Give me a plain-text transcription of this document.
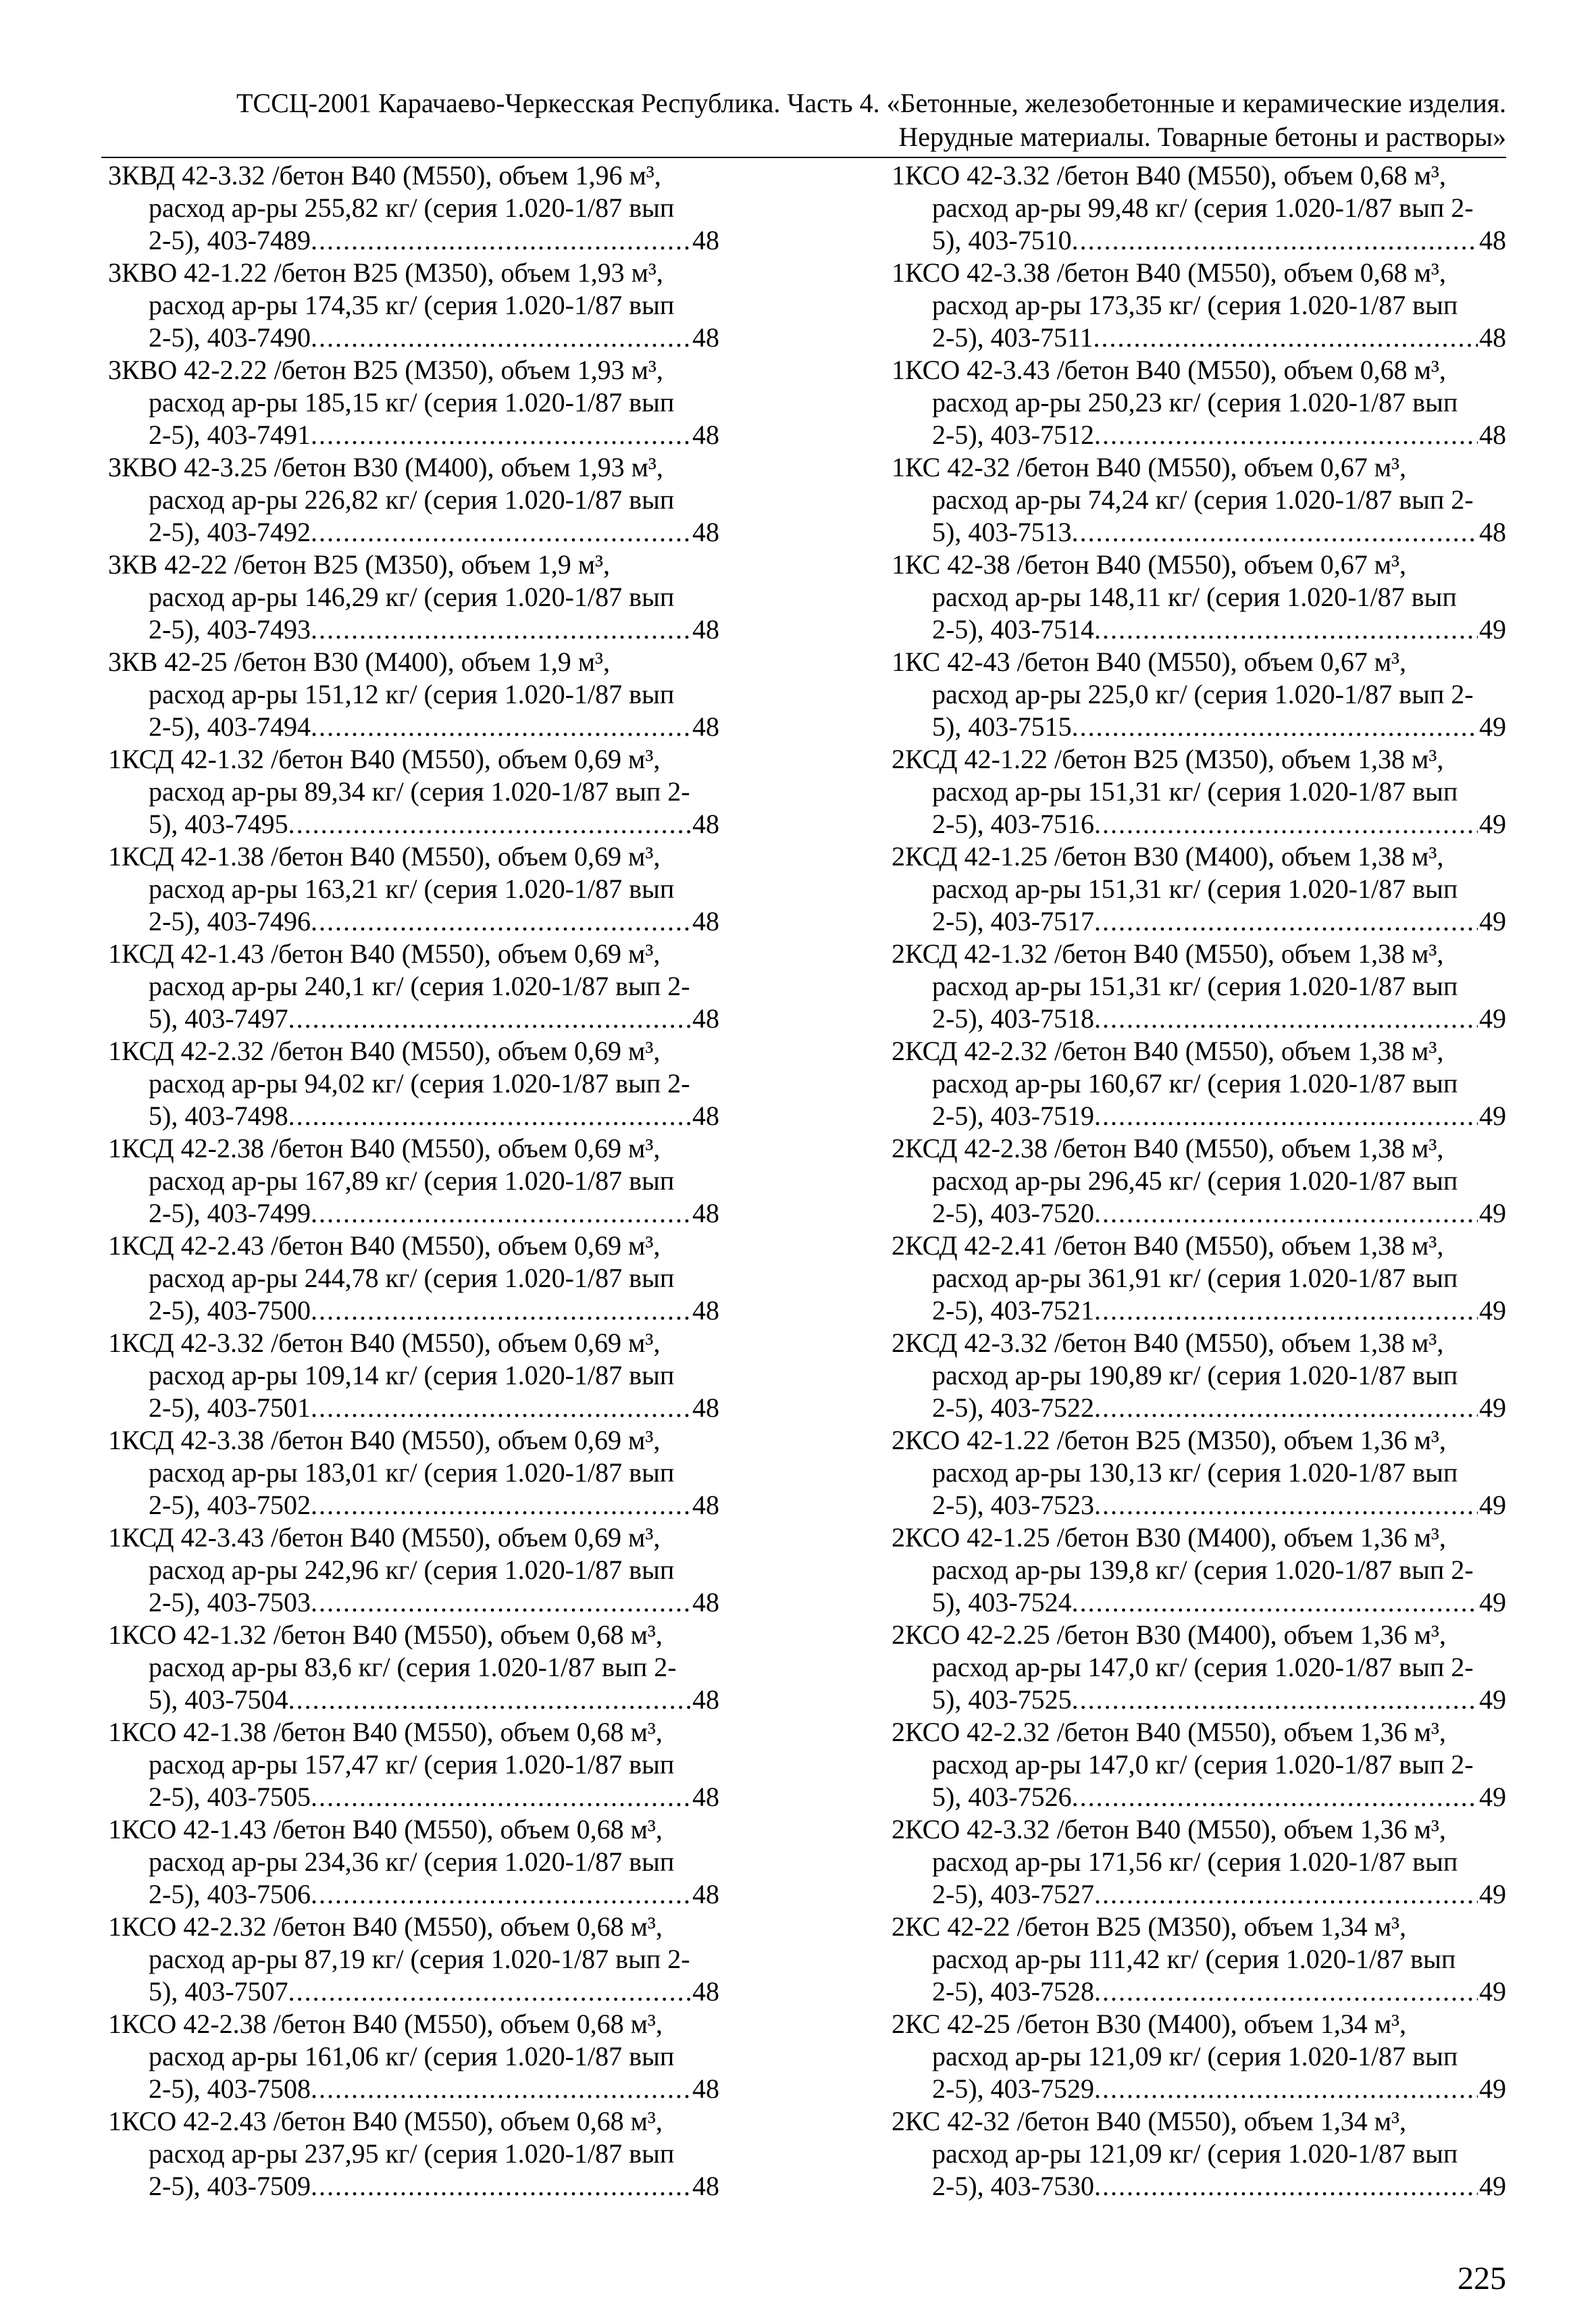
ТССЦ-2001 Карачаево-Черкесская Республика. Часть 4. «Бетонные, железобетонные и керамические изделия.
Нерудные материалы. Товарные бетоны и растворы»
3КВД 42-3.32 /бетон В40 (М550), объем 1,96 м³,
расход ар-ры 255,82 кг/ (серия 1.020-1/87 вып
2-5), 403-7489 .....	48
3КВО 42-1.22 /бетон В25 (М350), объем 1,93 м³,
расход ар-ры 174,35 кг/ (серия 1.020-1/87 вып
2-5), 403-7490 .....	48
3КВО 42-2.22 /бетон В25 (М350), объем 1,93 м³,
расход ар-ры 185,15 кг/ (серия 1.020-1/87 вып
2-5), 403-7491 .....	48
3КВО 42-3.25 /бетон В30 (М400), объем 1,93 м³,
расход ар-ры 226,82 кг/ (серия 1.020-1/87 вып
2-5), 403-7492 .....	48
3КВ 42-22 /бетон В25 (М350), объем 1,9 м³,
расход ар-ры 146,29 кг/ (серия 1.020-1/87 вып
2-5), 403-7493 .....	48
3КВ 42-25 /бетон В30 (М400), объем 1,9 м³,
расход ар-ры 151,12 кг/ (серия 1.020-1/87 вып
2-5), 403-7494 .....	48
1КСД 42-1.32 /бетон В40 (М550), объем 0,69 м³,
расход ар-ры 89,34 кг/ (серия 1.020-1/87 вып 2-
5), 403-7495 .....	48
1КСД 42-1.38 /бетон В40 (М550), объем 0,69 м³,
расход ар-ры 163,21 кг/ (серия 1.020-1/87 вып
2-5), 403-7496 .....	48
1КСД 42-1.43 /бетон В40 (М550), объем 0,69 м³,
расход ар-ры 240,1 кг/ (серия 1.020-1/87 вып 2-
5), 403-7497 .....	48
1КСД 42-2.32 /бетон В40 (М550), объем 0,69 м³,
расход ар-ры 94,02 кг/ (серия 1.020-1/87 вып 2-
5), 403-7498 .....	48
1КСД 42-2.38 /бетон В40 (М550), объем 0,69 м³,
расход ар-ры 167,89 кг/ (серия 1.020-1/87 вып
2-5), 403-7499 .....	48
1КСД 42-2.43 /бетон В40 (М550), объем 0,69 м³,
расход ар-ры 244,78 кг/ (серия 1.020-1/87 вып
2-5), 403-7500 .....	48
1КСД 42-3.32 /бетон В40 (М550), объем 0,69 м³,
расход ар-ры 109,14 кг/ (серия 1.020-1/87 вып
2-5), 403-7501 .....	48
1КСД 42-3.38 /бетон В40 (М550), объем 0,69 м³,
расход ар-ры 183,01 кг/ (серия 1.020-1/87 вып
2-5), 403-7502 .....	48
1КСД 42-3.43 /бетон В40 (М550), объем 0,69 м³,
расход ар-ры 242,96 кг/ (серия 1.020-1/87 вып
2-5), 403-7503 .....	48
1КСО 42-1.32 /бетон В40 (М550), объем 0,68 м³,
расход ар-ры 83,6 кг/ (серия 1.020-1/87 вып 2-
5), 403-7504 .....	48
1КСО 42-1.38 /бетон В40 (М550), объем 0,68 м³,
расход ар-ры 157,47 кг/ (серия 1.020-1/87 вып
2-5), 403-7505 .....	48
1КСО 42-1.43 /бетон В40 (М550), объем 0,68 м³,
расход ар-ры 234,36 кг/ (серия 1.020-1/87 вып
2-5), 403-7506 .....	48
1КСО 42-2.32 /бетон В40 (М550), объем 0,68 м³,
расход ар-ры 87,19 кг/ (серия 1.020-1/87 вып 2-
5), 403-7507 .....	48
1КСО 42-2.38 /бетон В40 (М550), объем 0,68 м³,
расход ар-ры 161,06 кг/ (серия 1.020-1/87 вып
2-5), 403-7508 .....	48
1КСО 42-2.43 /бетон В40 (М550), объем 0,68 м³,
расход ар-ры 237,95 кг/ (серия 1.020-1/87 вып
2-5), 403-7509 .....	48
1КСО 42-3.32 /бетон В40 (М550), объем 0,68 м³,
расход ар-ры 99,48 кг/ (серия 1.020-1/87 вып 2-
5), 403-7510 .....	48
1КСО 42-3.38 /бетон В40 (М550), объем 0,68 м³,
расход ар-ры 173,35 кг/ (серия 1.020-1/87 вып
2-5), 403-7511 .....	48
1КСО 42-3.43 /бетон В40 (М550), объем 0,68 м³,
расход ар-ры 250,23 кг/ (серия 1.020-1/87 вып
2-5), 403-7512 .....	48
1КС 42-32 /бетон В40 (М550), объем 0,67 м³,
расход ар-ры 74,24 кг/ (серия 1.020-1/87 вып 2-
5), 403-7513 .....	48
1КС 42-38 /бетон В40 (М550), объем 0,67 м³,
расход ар-ры 148,11 кг/ (серия 1.020-1/87 вып
2-5), 403-7514 .....	49
1КС 42-43 /бетон В40 (М550), объем 0,67 м³,
расход ар-ры 225,0 кг/ (серия 1.020-1/87 вып 2-
5), 403-7515 .....	49
2КСД 42-1.22 /бетон В25 (М350), объем 1,38 м³,
расход ар-ры 151,31 кг/ (серия 1.020-1/87 вып
2-5), 403-7516 .....	49
2КСД 42-1.25 /бетон В30 (М400), объем 1,38 м³,
расход ар-ры 151,31 кг/ (серия 1.020-1/87 вып
2-5), 403-7517 .....	49
2КСД 42-1.32 /бетон В40 (М550), объем 1,38 м³,
расход ар-ры 151,31 кг/ (серия 1.020-1/87 вып
2-5), 403-7518 .....	49
2КСД 42-2.32 /бетон В40 (М550), объем 1,38 м³,
расход ар-ры 160,67 кг/ (серия 1.020-1/87 вып
2-5), 403-7519 .....	49
2КСД 42-2.38 /бетон В40 (М550), объем 1,38 м³,
расход ар-ры 296,45 кг/ (серия 1.020-1/87 вып
2-5), 403-7520 .....	49
2КСД 42-2.41 /бетон В40 (М550), объем 1,38 м³,
расход ар-ры 361,91 кг/ (серия 1.020-1/87 вып
2-5), 403-7521 .....	49
2КСД 42-3.32 /бетон В40 (М550), объем 1,38 м³,
расход ар-ры 190,89 кг/ (серия 1.020-1/87 вып
2-5), 403-7522 .....	49
2КСО 42-1.22 /бетон В25 (М350), объем 1,36 м³,
расход ар-ры 130,13 кг/ (серия 1.020-1/87 вып
2-5), 403-7523 .....	49
2КСО 42-1.25 /бетон В30 (М400), объем 1,36 м³,
расход ар-ры 139,8 кг/ (серия 1.020-1/87 вып 2-
5), 403-7524 .....	49
2КСО 42-2.25 /бетон В30 (М400), объем 1,36 м³,
расход ар-ры 147,0 кг/ (серия 1.020-1/87 вып 2-
5), 403-7525 .....	49
2КСО 42-2.32 /бетон В40 (М550), объем 1,36 м³,
расход ар-ры 147,0 кг/ (серия 1.020-1/87 вып 2-
5), 403-7526 .....	49
2КСО 42-3.32 /бетон В40 (М550), объем 1,36 м³,
расход ар-ры 171,56 кг/ (серия 1.020-1/87 вып
2-5), 403-7527 .....	49
2КС 42-22 /бетон В25 (М350), объем 1,34 м³,
расход ар-ры 111,42 кг/ (серия 1.020-1/87 вып
2-5), 403-7528 .....	49
2КС 42-25 /бетон В30 (М400), объем 1,34 м³,
расход ар-ры 121,09 кг/ (серия 1.020-1/87 вып
2-5), 403-7529 .....	49
2КС 42-32 /бетон В40 (М550), объем 1,34 м³,
расход ар-ры 121,09 кг/ (серия 1.020-1/87 вып
2-5), 403-7530 .....	49
225
